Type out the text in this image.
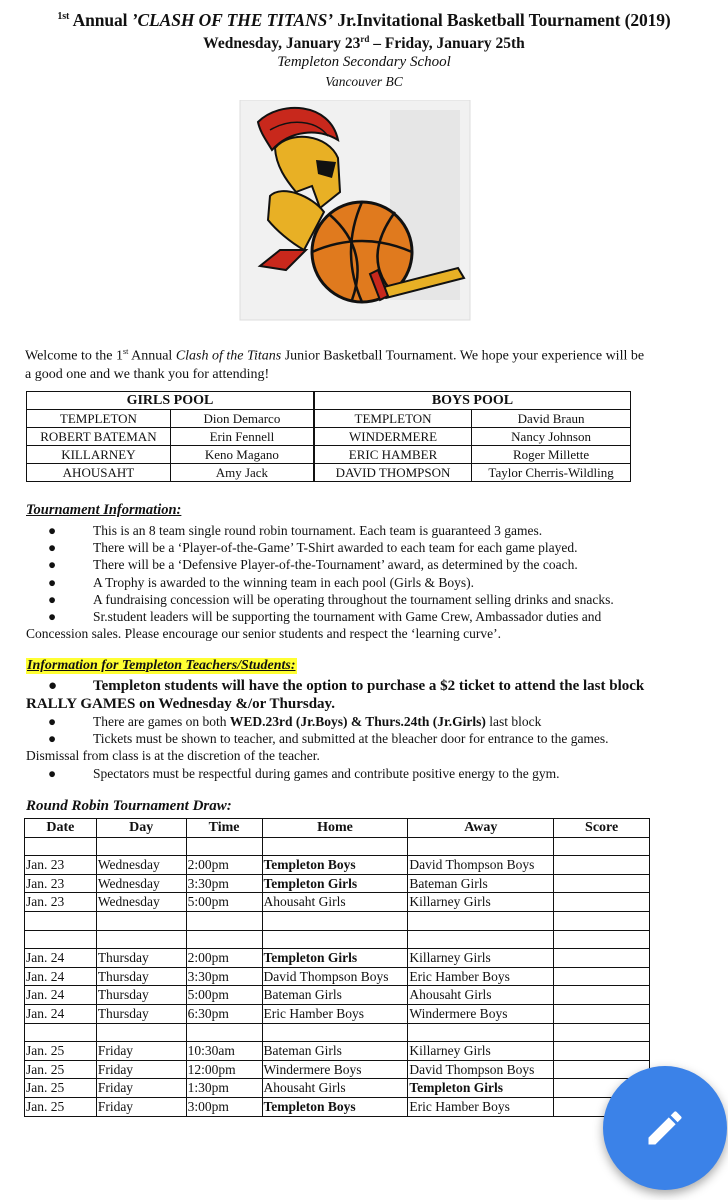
$^{1st}$ Annual ’CLASH OF THE TITANS’ Jr.Invitational Basketball Tournament (2019)
Wednesday, January 23rd – Friday, January 25th
Templeton Secondary School
Vancouver BC
Welcome to the 1st Annual Clash of the Titans Junior Basketball Tournament. We hope your experience will be
a good one and we thank you for attending!
GIRLS POOL		BOYS POOL	
TEMPLETON	Dion Demarco	TEMPLETON	David Braun
ROBERT BATEMAN	Erin Fennell	WINDERMERE	Nancy Johnson
KILLARNEY	Keno Magano	ERIC HAMBER	Roger Millette
AHOUSAHT	Amy Jack	DAVID THOMPSON	Taylor Cherris-Wildling
Tournament Information:
●	This is an 8 team single round robin tournament. Each team is guaranteed 3 games.
●	There will be a ‘Player-of-the-Game’ T-Shirt awarded to each team for each game played.
●	There will be a ‘Defensive Player-of-the-Tournament’ award, as determined by the coach.
●	A Trophy is awarded to the winning team in each pool (Girls & Boys).
●	A fundraising concession will be operating throughout the tournament selling drinks and snacks.
●	Sr.student leaders will be supporting the tournament with Game Crew, Ambassador duties and
Concession sales. Please encourage our senior students and respect the ‘learning curve’.
Information for Templeton Teachers/Students:
● Templeton students will have the option to purchase a $2 ticket to attend the last block
RALLY GAMES on Wednesday &/or Thursday.
●	There are games on both WED.23rd (Jr.Boys) & Thurs.24th (Jr.Girls) last block
●	Tickets must be shown to teacher, and submitted at the bleacher door for entrance to the games.
Dismissal from class is at the discretion of the teacher.
●	Spectators must be respectful during games and contribute positive energy to the gym.
Round Robin Tournament Draw:
Date	Day	Time	Home	Away	Score

Jan. 23	Wednesday	2:00pm	Templeton Boys	David Thompson Boys	
Jan. 23	Wednesday	3:30pm	Templeton Girls	Bateman Girls	
Jan. 23	Wednesday	5:00pm	Ahousaht Girls	Killarney Girls	

Jan. 24	Thursday	2:00pm	Templeton Girls	Killarney Girls	
Jan. 24	Thursday	3:30pm	David Thompson Boys	Eric Hamber Boys	
Jan. 24	Thursday	5:00pm	Bateman Girls	Ahousaht Girls	
Jan. 24	Thursday	6:30pm	Eric Hamber Boys	Windermere Boys	

Jan. 25	Friday	10:30am	Bateman Girls	Killarney Girls	
Jan. 25	Friday	12:00pm	Windermere Boys	David Thompson Boys	
Jan. 25	Friday	1:30pm	Ahousaht Girls	Templeton Girls	
Jan. 25	Friday	3:00pm	Templeton Boys	Eric Hamber Boys	
